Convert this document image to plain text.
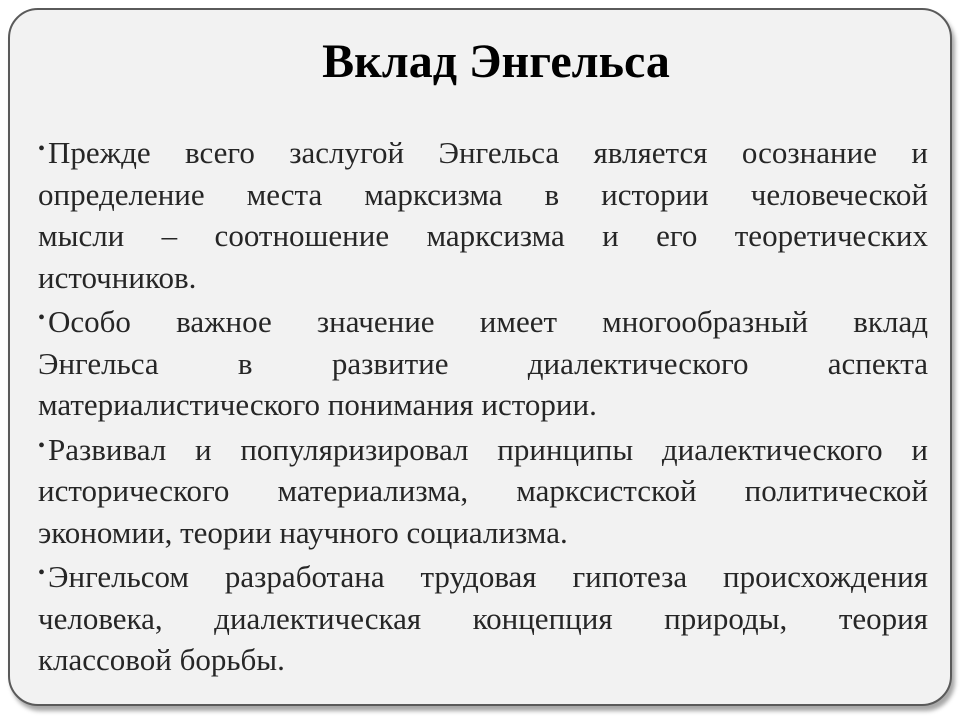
Вклад Энгельса
•Прежде всего заслугой Энгельса является осознание и
определение места марксизма в истории человеческой
мысли – соотношение марксизма и его теоретических
источников.
•Особо важное значение имеет многообразный вклад
Энгельса в развитие диалектического аспекта
материалистического понимания истории.
•Развивал и популяризировал принципы диалектического и
исторического материализма, марксистской политической
экономии, теории научного социализма.
•Энгельсом разработана трудовая гипотеза происхождения
человека, диалектическая концепция природы, теория
классовой борьбы.
